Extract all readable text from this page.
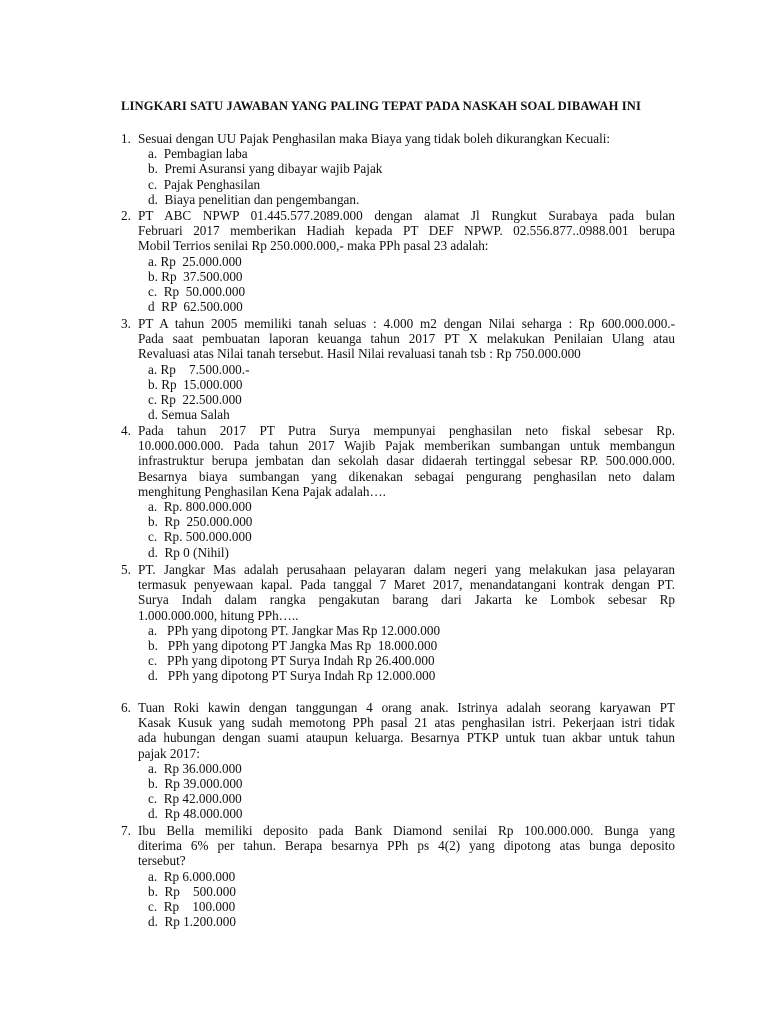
LINGKARI SATU JAWABAN YANG PALING TEPAT PADA NASKAH SOAL DIBAWAH INI
1. Sesuai dengan UU Pajak Penghasilan maka Biaya yang tidak boleh dikurangkan Kecuali:
a.  Pembagian laba
b.  Premi Asuransi yang dibayar wajib Pajak
c.  Pajak Penghasilan
d.  Biaya penelitian dan pengembangan.
2. PT ABC NPWP 01.445.577.2089.000 dengan alamat Jl Rungkut Surabaya pada bulan
Februari 2017 memberikan Hadiah kepada PT DEF NPWP. 02.556.877..0988.001 berupa
Mobil Terrios senilai Rp 250.000.000,- maka PPh pasal 23 adalah:
a. Rp  25.000.000
b. Rp  37.500.000
c.  Rp  50.000.000
d  RP  62.500.000
3. PT A tahun 2005 memiliki tanah seluas : 4.000 m2 dengan Nilai seharga : Rp 600.000.000.-
Pada saat pembuatan laporan keuanga tahun 2017 PT X melakukan Penilaian Ulang atau
Revaluasi atas Nilai tanah tersebut. Hasil Nilai revaluasi tanah tsb : Rp 750.000.000
a. Rp    7.500.000.-
b. Rp  15.000.000
c. Rp  22.500.000
d. Semua Salah
4. Pada tahun 2017 PT Putra Surya mempunyai penghasilan neto fiskal sebesar Rp.
10.000.000.000. Pada tahun 2017 Wajib Pajak memberikan sumbangan untuk membangun
infrastruktur berupa jembatan dan sekolah dasar didaerah tertinggal sebesar RP. 500.000.000.
Besarnya biaya sumbangan yang dikenakan sebagai pengurang penghasilan neto dalam
menghitung Penghasilan Kena Pajak adalah….
a.  Rp. 800.000.000
b.  Rp  250.000.000
c.  Rp. 500.000.000
d.  Rp 0 (Nihil)
5. PT. Jangkar Mas adalah perusahaan pelayaran dalam negeri yang melakukan jasa pelayaran
termasuk penyewaan kapal. Pada tanggal 7 Maret 2017, menandatangani kontrak dengan PT.
Surya Indah dalam rangka pengakutan barang dari Jakarta ke Lombok sebesar Rp
1.000.000.000, hitung PPh…..
a.   PPh yang dipotong PT. Jangkar Mas Rp 12.000.000
b.   PPh yang dipotong PT Jangka Mas Rp  18.000.000
c.   PPh yang dipotong PT Surya Indah Rp 26.400.000
d.   PPh yang dipotong PT Surya Indah Rp 12.000.000
6. Tuan Roki kawin dengan tanggungan 4 orang anak. Istrinya adalah seorang karyawan PT
Kasak Kusuk yang sudah memotong PPh pasal 21 atas penghasilan istri. Pekerjaan istri tidak
ada hubungan dengan suami ataupun keluarga. Besarnya PTKP untuk tuan akbar untuk tahun
pajak 2017:
a.  Rp 36.000.000
b.  Rp 39.000.000
c.  Rp 42.000.000
d.  Rp 48.000.000
7. Ibu Bella memiliki deposito pada Bank Diamond senilai Rp 100.000.000. Bunga yang
diterima 6% per tahun. Berapa besarnya PPh ps 4(2) yang dipotong atas bunga deposito
tersebut?
a.  Rp 6.000.000
b.  Rp    500.000
c.  Rp    100.000
d.  Rp 1.200.000
